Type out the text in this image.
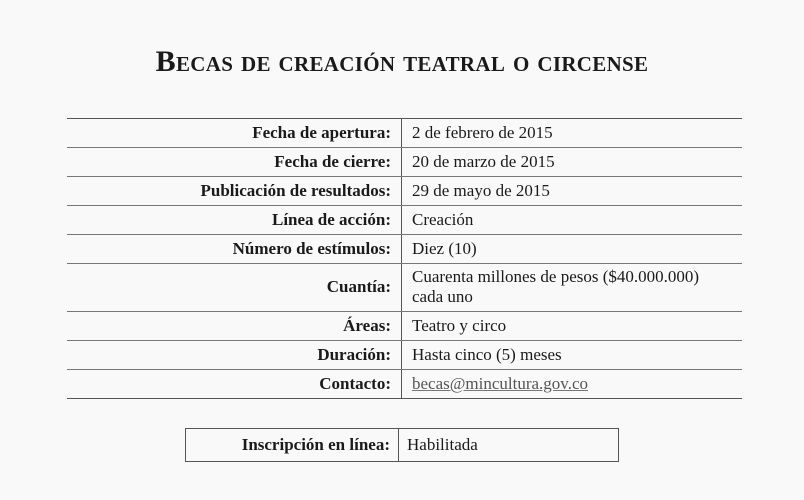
Becas de creación teatral o circense
Fecha de apertura:	2 de febrero de 2015
Fecha de cierre:	20 de marzo de 2015
Publicación de resultados:	29 de mayo de 2015
Línea de acción:	Creación
Número de estímulos:	Diez (10)
Cuantía:	Cuarenta millones de pesos ($40.000.000)
cada uno
Áreas:	Teatro y circo
Duración:	Hasta cinco (5) meses
Contacto:	becas@mincultura.gov.co
Inscripción en línea:	Habilitada
